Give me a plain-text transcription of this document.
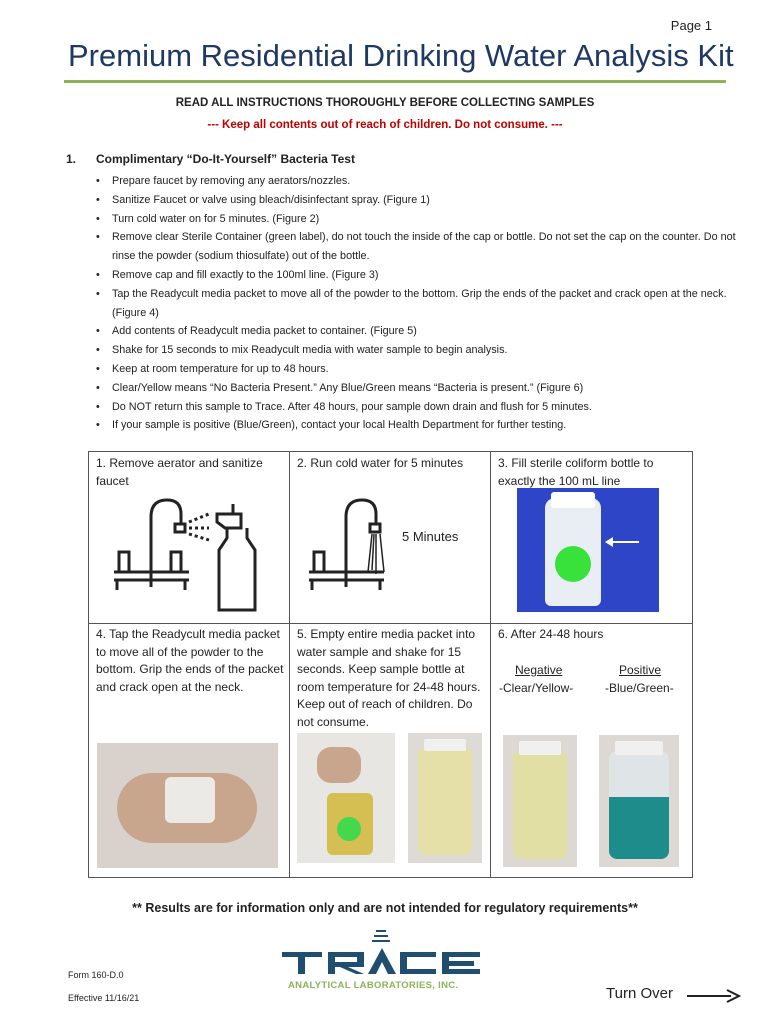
Page 1
Premium Residential Drinking Water Analysis Kit
READ ALL INSTRUCTIONS THOROUGHLY BEFORE COLLECTING SAMPLES
--- Keep all contents out of reach of children. Do not consume. ---
1. Complimentary “Do-It-Yourself” Bacteria Test
• Prepare faucet by removing any aerators/nozzles.
• Sanitize Faucet or valve using bleach/disinfectant spray. (Figure 1)
• Turn cold water on for 5 minutes. (Figure 2)
• Remove clear Sterile Container (green label), do not touch the inside of the cap or bottle. Do not set the cap on the counter. Do not rinse the powder (sodium thiosulfate) out of the bottle.
• Remove cap and fill exactly to the 100ml line. (Figure 3)
• Tap the Readycult media packet to move all of the powder to the bottom. Grip the ends of the packet and crack open at the neck. (Figure 4)
• Add contents of Readycult media packet to container. (Figure 5)
• Shake for 15 seconds to mix Readycult media with water sample to begin analysis.
• Keep at room temperature for up to 48 hours.
• Clear/Yellow means “No Bacteria Present.” Any Blue/Green means “Bacteria is present.” (Figure 6)
• Do NOT return this sample to Trace. After 48 hours, pour sample down drain and flush for 5 minutes.
• If your sample is positive (Blue/Green), contact your local Health Department for further testing.
1. Remove aerator and sanitize faucet
2. Run cold water for 5 minutes
5 Minutes
3. Fill sterile coliform bottle to exactly the 100 mL line
4. Tap the Readycult media packet to move all of the powder to the bottom. Grip the ends of the packet and crack open at the neck.
5. Empty entire media packet into water sample and shake for 15 seconds. Keep sample bottle at room temperature for 24-48 hours. Keep out of reach of children. Do not consume.
6. After 24-48 hours
Negative
-Clear/Yellow-
Positive
-Blue/Green-
** Results are for information only and are not intended for regulatory requirements**
ANALYTICAL LABORATORIES, INC.
Form 160-D.0
Effective 11/16/21	Turn Over
